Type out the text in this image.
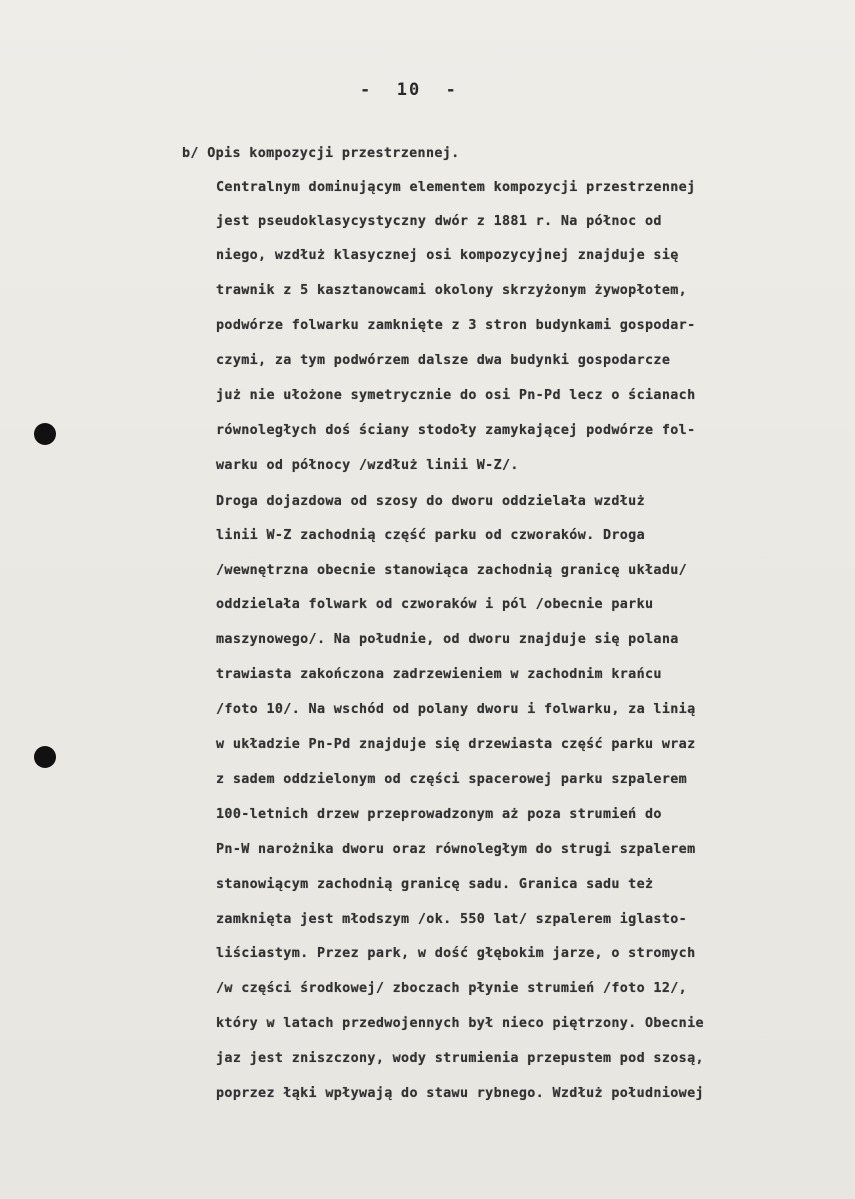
-  10  -
b/ Opis kompozycji przestrzennej.
Centralnym dominującym elementem kompozycji przestrzennej
jest pseudoklasycystyczny dwór z 1881 r. Na północ od
niego, wzdłuż klasycznej osi kompozycyjnej znajduje się
trawnik z 5 kasztanowcami okolony skrzyżonym żywopłotem,
podwórze folwarku zamknięte z 3 stron budynkami gospodar-
czymi, za tym podwórzem dalsze dwa budynki gospodarcze
już nie ułożone symetrycznie do osi Pn-Pd lecz o ścianach
równoległych doś ściany stodoły zamykającej podwórze fol-
warku od północy /wzdłuż linii W-Z/.
Droga dojazdowa od szosy do dworu oddzielała wzdłuż
linii W-Z zachodnią część parku od czworaków. Droga
/wewnętrzna obecnie stanowiąca zachodnią granicę układu/
oddzielała folwark od czworaków i pól /obecnie parku
maszynowego/. Na południe, od dworu znajduje się polana
trawiasta zakończona zadrzewieniem w zachodnim krańcu
/foto 10/. Na wschód od polany dworu i folwarku, za linią
w układzie Pn-Pd znajduje się drzewiasta część parku wraz
z sadem oddzielonym od części spacerowej parku szpalerem
100-letnich drzew przeprowadzonym aż poza strumień do
Pn-W narożnika dworu oraz równoległym do strugi szpalerem
stanowiącym zachodnią granicę sadu. Granica sadu też
zamknięta jest młodszym /ok. 550 lat/ szpalerem iglasto-
liściastym. Przez park, w dość głębokim jarze, o stromych
/w części środkowej/ zboczach płynie strumień /foto 12/,
który w latach przedwojennych był nieco piętrzony. Obecnie
jaz jest zniszczony, wody strumienia przepustem pod szosą,
poprzez łąki wpływają do stawu rybnego. Wzdłuż południowej
